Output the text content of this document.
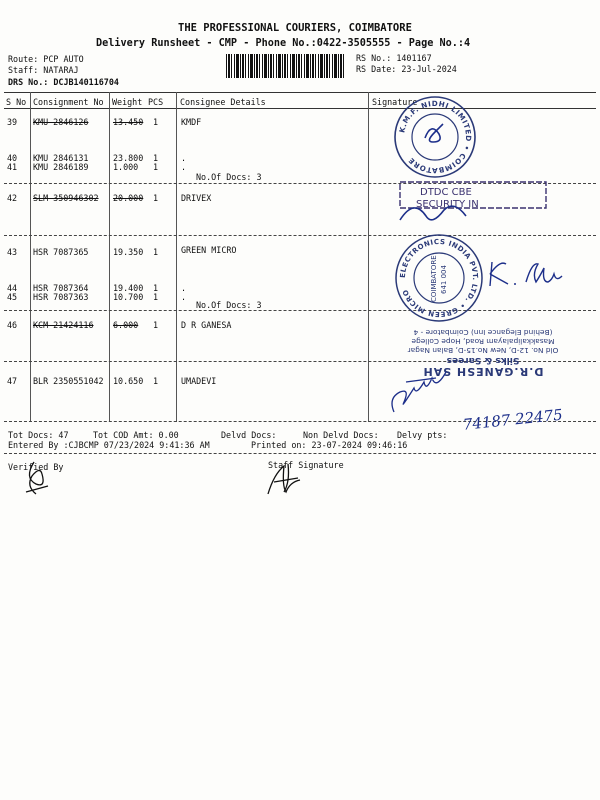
THE PROFESSIONAL COURIERS, COIMBATORE
Delivery Runsheet - CMP - Phone No.:0422-3505555 - Page No.:4
Route: PCP AUTO
Staff: NATARAJ
DRS No.: DCJB140116704
RS No.: 1401167
RS Date: 23-Jul-2024
S No Consignment No Weight PCS Consignee Details	Signature
39 KMU 2846126	13.450 1	KMDF
40 KMU 2846131	23.800 1	.
41 KMU 2846189	1.000 1	.
No.Of Docs: 3
42 SLM 350946302 20.000 1	DRIVEX
43 HSR 7087365	19.350 1	GREEN MICRO
44 HSR 7087364	19.400 1	.
45 HSR 7087363	10.700 1	.
No.Of Docs: 3
46 KCM 21424116 6.000 1	D R GANESA
47 BLR 2350551042 10.650 1	UMADEVI
K.M.F. NIDHI LIMITED • COIMBATORE
DTDC CBE
SECURITY IN
ELECTRONICS INDIA PVT. LTD. • GREEN MICRO	COIMBATORE 641 004
D.R.GANESH SAH
Silks & Sarees
Old No. 12-D, New No.15-D, Balan Nagar
Masakkalipalayam Road, Hope College
(Behind Elegance Inn) Coimbatore - 4
74187 22475
Tot Docs: 47	Tot COD Amt: 0.00	Delvd Docs:	Non Delvd Docs: Delvy pts:
Entered By :CJBCMP 07/23/2024 9:41:36 AM	Printed on: 23-07-2024 09:46:16
Verified By	Staff Signature
